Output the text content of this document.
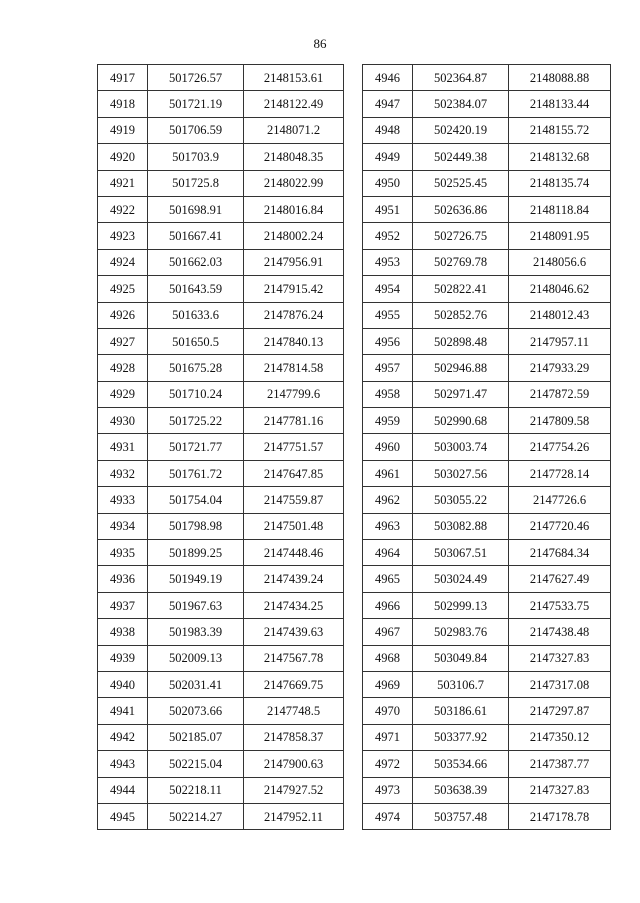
86
4917	501726.57	2148153.61
4918	501721.19	2148122.49
4919	501706.59	2148071.2
4920	501703.9	2148048.35
4921	501725.8	2148022.99
4922	501698.91	2148016.84
4923	501667.41	2148002.24
4924	501662.03	2147956.91
4925	501643.59	2147915.42
4926	501633.6	2147876.24
4927	501650.5	2147840.13
4928	501675.28	2147814.58
4929	501710.24	2147799.6
4930	501725.22	2147781.16
4931	501721.77	2147751.57
4932	501761.72	2147647.85
4933	501754.04	2147559.87
4934	501798.98	2147501.48
4935	501899.25	2147448.46
4936	501949.19	2147439.24
4937	501967.63	2147434.25
4938	501983.39	2147439.63
4939	502009.13	2147567.78
4940	502031.41	2147669.75
4941	502073.66	2147748.5
4942	502185.07	2147858.37
4943	502215.04	2147900.63
4944	502218.11	2147927.52
4945	502214.27	2147952.11
4946	502364.87	2148088.88
4947	502384.07	2148133.44
4948	502420.19	2148155.72
4949	502449.38	2148132.68
4950	502525.45	2148135.74
4951	502636.86	2148118.84
4952	502726.75	2148091.95
4953	502769.78	2148056.6
4954	502822.41	2148046.62
4955	502852.76	2148012.43
4956	502898.48	2147957.11
4957	502946.88	2147933.29
4958	502971.47	2147872.59
4959	502990.68	2147809.58
4960	503003.74	2147754.26
4961	503027.56	2147728.14
4962	503055.22	2147726.6
4963	503082.88	2147720.46
4964	503067.51	2147684.34
4965	503024.49	2147627.49
4966	502999.13	2147533.75
4967	502983.76	2147438.48
4968	503049.84	2147327.83
4969	503106.7	2147317.08
4970	503186.61	2147297.87
4971	503377.92	2147350.12
4972	503534.66	2147387.77
4973	503638.39	2147327.83
4974	503757.48	2147178.78
